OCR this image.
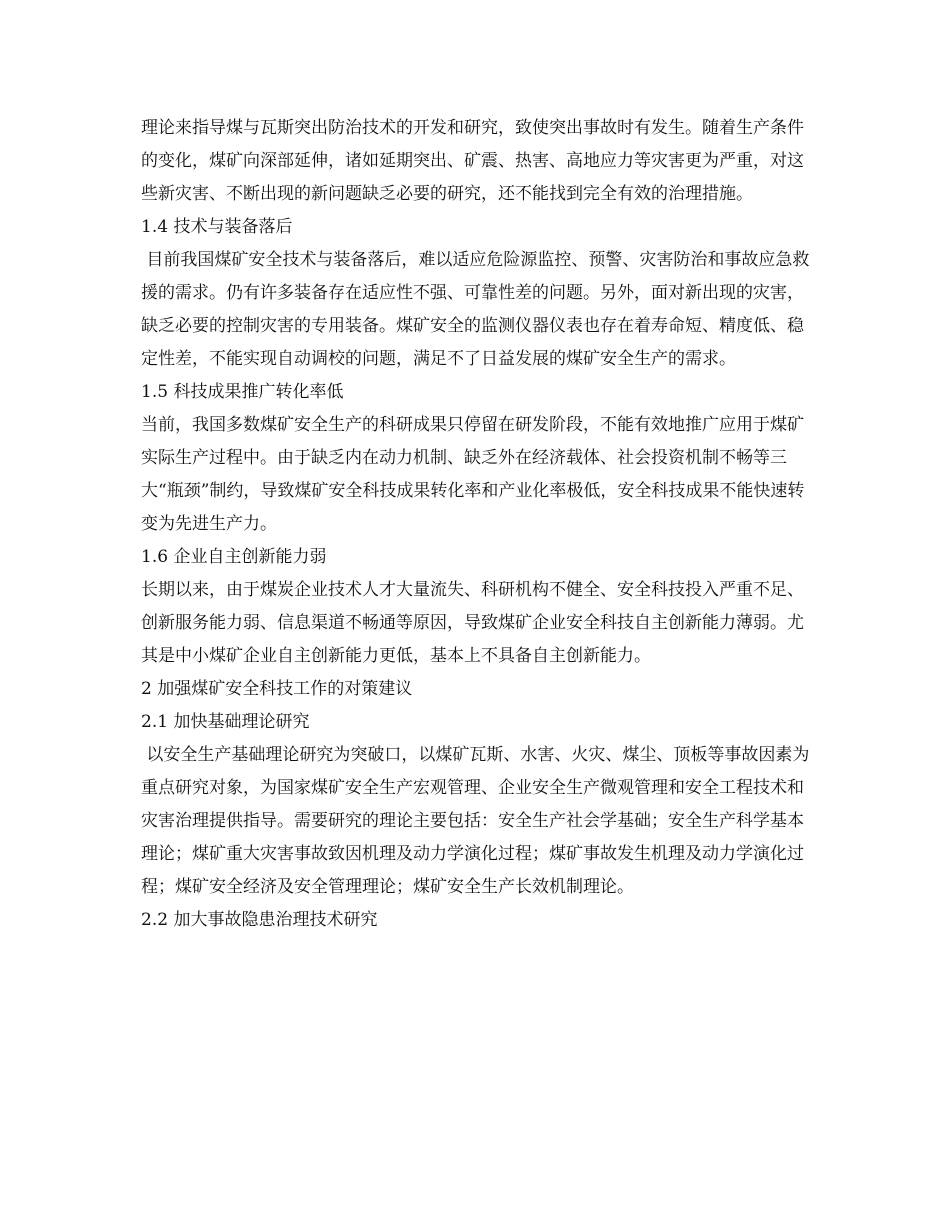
理论来指导煤与瓦斯突出防治技术的开发和研究，致使突出事故时有发生。随着生产条件的变化，煤矿向深部延伸，诸如延期突出、矿震、热害、高地应力等灾害更为严重，对这些新灾害、不断出现的新问题缺乏必要的研究，还不能找到完全有效的治理措施。

1.4 技术与装备落后

目前我国煤矿安全技术与装备落后，难以适应危险源监控、预警、灾害防治和事故应急救援的需求。仍有许多装备存在适应性不强、可靠性差的问题。另外，面对新出现的灾害，缺乏必要的控制灾害的专用装备。煤矿安全的监测仪器仪表也存在着寿命短、精度低、稳定性差，不能实现自动调校的问题，满足不了日益发展的煤矿安全生产的需求。

1.5 科技成果推广转化率低

当前，我国多数煤矿安全生产的科研成果只停留在研发阶段，不能有效地推广应用于煤矿实际生产过程中。由于缺乏内在动力机制、缺乏外在经济载体、社会投资机制不畅等三大“瓶颈”制约，导致煤矿安全科技成果转化率和产业化率极低，安全科技成果不能快速转变为先进生产力。

1.6 企业自主创新能力弱

长期以来，由于煤炭企业技术人才大量流失、科研机构不健全、安全科技投入严重不足、创新服务能力弱、信息渠道不畅通等原因，导致煤矿企业安全科技自主创新能力薄弱。尤其是中小煤矿企业自主创新能力更低，基本上不具备自主创新能力。

2 加强煤矿安全科技工作的对策建议

2.1 加快基础理论研究

以安全生产基础理论研究为突破口，以煤矿瓦斯、水害、火灾、煤尘、顶板等事故因素为重点研究对象，为国家煤矿安全生产宏观管理、企业安全生产微观管理和安全工程技术和灾害治理提供指导。需要研究的理论主要包括：安全生产社会学基础；安全生产科学基本理论；煤矿重大灾害事故致因机理及动力学演化过程；煤矿事故发生机理及动力学演化过程；煤矿安全经济及安全管理理论；煤矿安全生产长效机制理论。

2.2 加大事故隐患治理技术研究
